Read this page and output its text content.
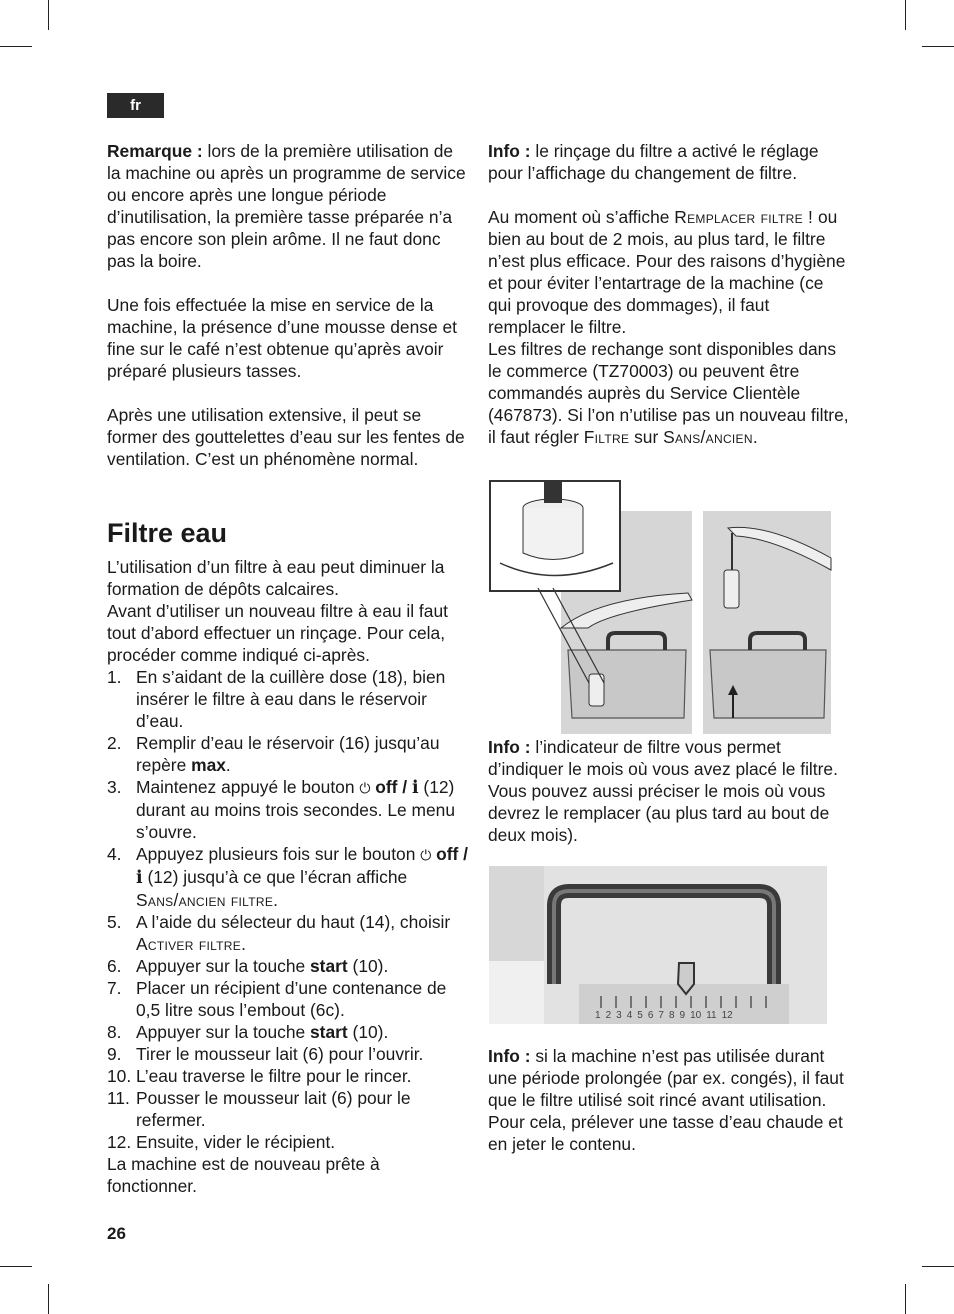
fr

Remarque : lors de la première utilisation de la machine ou après un programme de service ou encore après une longue période d’inutilisation, la première tasse préparée n’a pas encore son plein arôme. Il ne faut donc pas la boire.

Une fois effectuée la mise en service de la machine, la présence d’une mousse dense et fine sur le café n’est obtenue qu’après avoir préparé plusieurs tasses.

Après une utilisation extensive, il peut se former des gouttelettes d’eau sur les fentes de ventilation. C’est un phénomène normal.

Filtre eau

L’utilisation d’un filtre à eau peut diminuer la formation de dépôts calcaires.

Avant d’utiliser un nouveau filtre à eau il faut tout d’abord effectuer un rinçage. Pour cela, procéder comme indiqué ci-après.

1. En s’aidant de la cuillère dose (18), bien insérer le filtre à eau dans le réservoir d’eau.
2. Remplir d’eau le réservoir (16) jusqu’au repère max.
3. Maintenez appuyé le bouton ⏻ off / i (12) durant au moins trois secondes. Le menu s’ouvre.
4. Appuyez plusieurs fois sur le bouton ⏻ off / i (12) jusqu’à ce que l’écran affiche Sans/ancien filtre.
5. A l’aide du sélecteur du haut (14), choisir Activer filtre.
6. Appuyer sur la touche start (10).
7. Placer un récipient d’une contenance de 0,5 litre sous l’embout (6c).
8. Appuyer sur la touche start (10).
9. Tirer le mousseur lait (6) pour l’ouvrir.
10. L’eau traverse le filtre pour le rincer.
11. Pousser le mousseur lait (6) pour le refermer.
12. Ensuite, vider le récipient.

La machine est de nouveau prête à fonctionner.

Info : le rinçage du filtre a activé le réglage pour l’affichage du changement de filtre.

Au moment où s’affiche Remplacer filtre ! ou bien au bout de 2 mois, au plus tard, le filtre n’est plus efficace. Pour des raisons d’hygiène et pour éviter l’entartrage de la machine (ce qui provoque des dommages), il faut remplacer le filtre.

Les filtres de rechange sont disponibles dans le commerce (TZ70003) ou peuvent être commandés auprès du Service Clientèle (467873). Si l’on n’utilise pas un nouveau filtre, il faut régler Filtre sur Sans/ancien.

Info : l’indicateur de filtre vous permet d’indiquer le mois où vous avez placé le filtre. Vous pouvez aussi préciser le mois où vous devrez le remplacer (au plus tard au bout de deux mois).

1 2 3 4 5 6 7 8 9 10 11 12

Info : si la machine n’est pas utilisée durant une période prolongée (par ex. congés), il faut que le filtre utilisé soit rincé avant utilisation. Pour cela, prélever une tasse d’eau chaude et en jeter le contenu.

26
